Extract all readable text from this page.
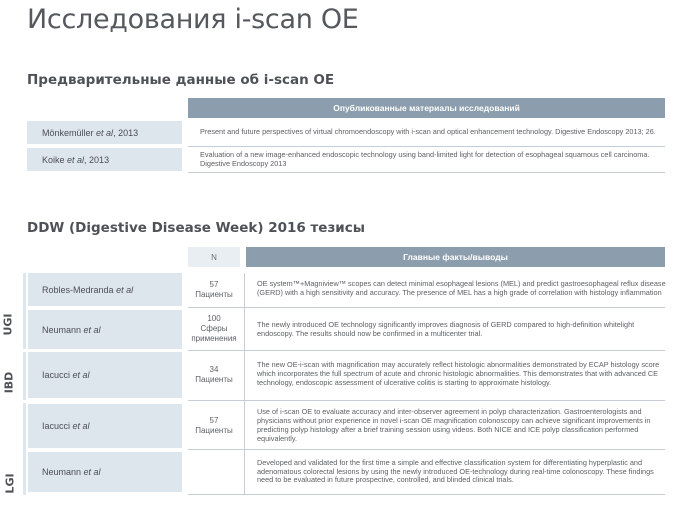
Исследования i-scan OE
Предварительные данные об i-scan OE
Опубликованные материалы исследований
Mönkemüller
et al , 2013	Present and future perspectives of virtual chromoendoscopy with i-scan and optical enhancement technology. Digestive Endoscopy 2013; 26.
Koike
et al , 2013
Evaluation of a new image-enhanced endoscopic technology using band-limited light for detection of esophageal squamous cell carcinoma. Digestive Endoscopy 2013
DDW (Digestive Disease Week) 2016 тезисы
N	Главные факты/выводы
UGI
IBD
LGI
Robles-Medranda
et al
57
Пациенты
OE system™+Magniview™ scopes can detect minimal esophageal lesions (MEL) and predict gastroesophageal reflux disease (GERD) with a high sensitivity and accuracy. The presence of MEL has a high grade of correlation with histology inflammation
Neumann
et al
100
Сферы
применения
The newly introduced OE technology significantly improves diagnosis of GERD compared to high-definition whitelight endoscopy. The results should now be confirmed in a multicenter trial.
Iacucci
et al
34
Пациенты
The new OE-i-scan with magnification may accurately reflect histologic abnormalities demonstrated by ECAP histology score which incorporates the full spectrum of acute and chronic histologic abnormalities. This demonstrates that with advanced CE technology, endoscopic assessment of ulcerative colitis is starting to approximate histology.
Iacucci
et al
57
Пациенты
Use of i-scan OE to evaluate accuracy and inter-observer agreement in polyp characterization. Gastroenterologists and physicians without prior experience in novel i-scan OE magnification colonoscopy can achieve significant improvements in predicting polyp histology after a brief training session using videos. Both NICE and ICE polyp classification performed equivalently.
Neumann
et al
Developed and validated for the first time a simple and effective classification system for differentiating hyperplastic and adenomatous colorectal lesions by using the newly introduced OE-technology during real-time colonoscopy. These findings need to be evaluated in future prospective, controlled, and blinded clinical trials.
